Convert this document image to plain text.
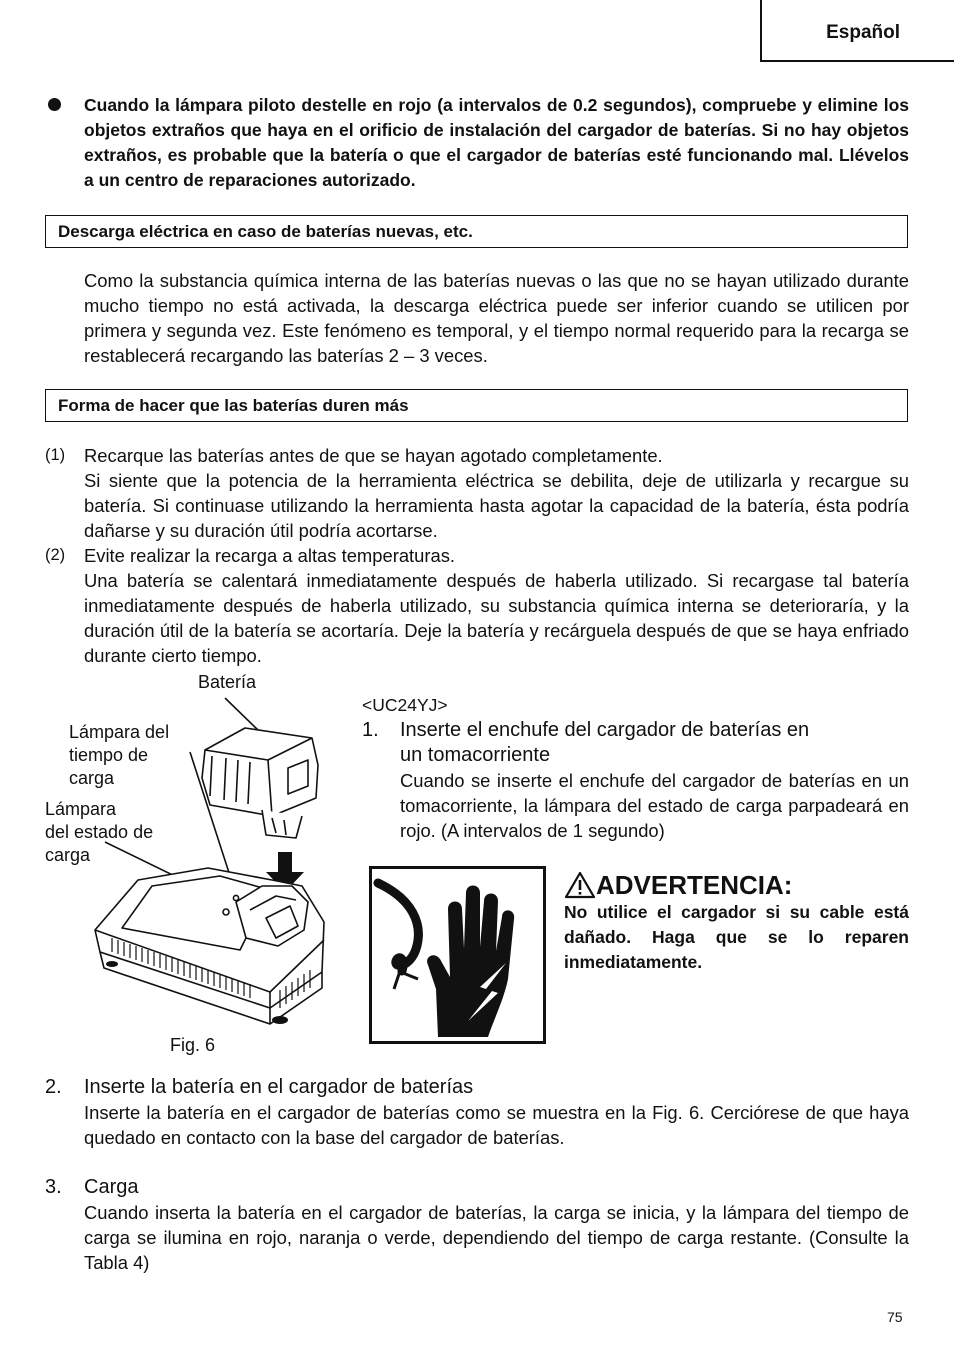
Español
Cuando la lámpara piloto destelle en rojo (a intervalos de 0.2 segundos), compruebe y elimine los objetos extraños que haya en el orificio de instalación del cargador de baterías. Si no hay objetos extraños, es probable que la batería o que el cargador de baterías esté funcionando mal. Llévelos a un centro de reparaciones autorizado.
Descarga eléctrica en caso de baterías nuevas, etc.
Como la substancia química interna de las baterías nuevas o las que no se hayan utilizado durante mucho tiempo no está activada, la descarga eléctrica puede ser inferior cuando se utilicen por primera y segunda vez. Este fenómeno es temporal, y el tiempo normal requerido para la recarga se restablecerá recargando las baterías 2 – 3 veces.
Forma de hacer que las baterías duren más
(1) Recarque las baterías antes de que se hayan agotado completamente.
Si siente que la potencia de la herramienta eléctrica se debilita, deje de utilizarla y recargue su batería. Si continuase utilizando la herramienta hasta agotar la capacidad de la batería, ésta podría dañarse y su duración útil podría acortarse.
(2) Evite realizar la recarga a altas temperaturas.
Una batería se calentará inmediatamente después de haberla utilizado. Si recargase tal batería inmediatamente después de haberla utilizado, su substancia química interna se deterioraría, y la duración útil de la batería se acortaría. Deje la batería y recárguela después de que se haya enfriado durante cierto tiempo.
Batería
Lámpara del
tiempo de
carga
Lámpara
del estado de
carga
Fig. 6
<UC24YJ>
1. Inserte el enchufe del cargador de baterías en
un tomacorriente
Cuando se inserte el enchufe del cargador de baterías en un tomacorriente, la lámpara del estado de carga parpadeará en rojo. (A intervalos de 1 segundo)
ADVERTENCIA:
No utilice el cargador si su cable está dañado. Haga que se lo reparen inmediatamente.
2. Inserte la batería en el cargador de baterías
Inserte la batería en el cargador de baterías como se muestra en la Fig. 6. Cerciórese de que haya quedado en contacto con la base del cargador de baterías.
3. Carga
Cuando inserta la batería en el cargador de baterías, la carga se inicia, y la lámpara del tiempo de carga se ilumina en rojo, naranja o verde, dependiendo del tiempo de carga restante. (Consulte la Tabla 4)
75
